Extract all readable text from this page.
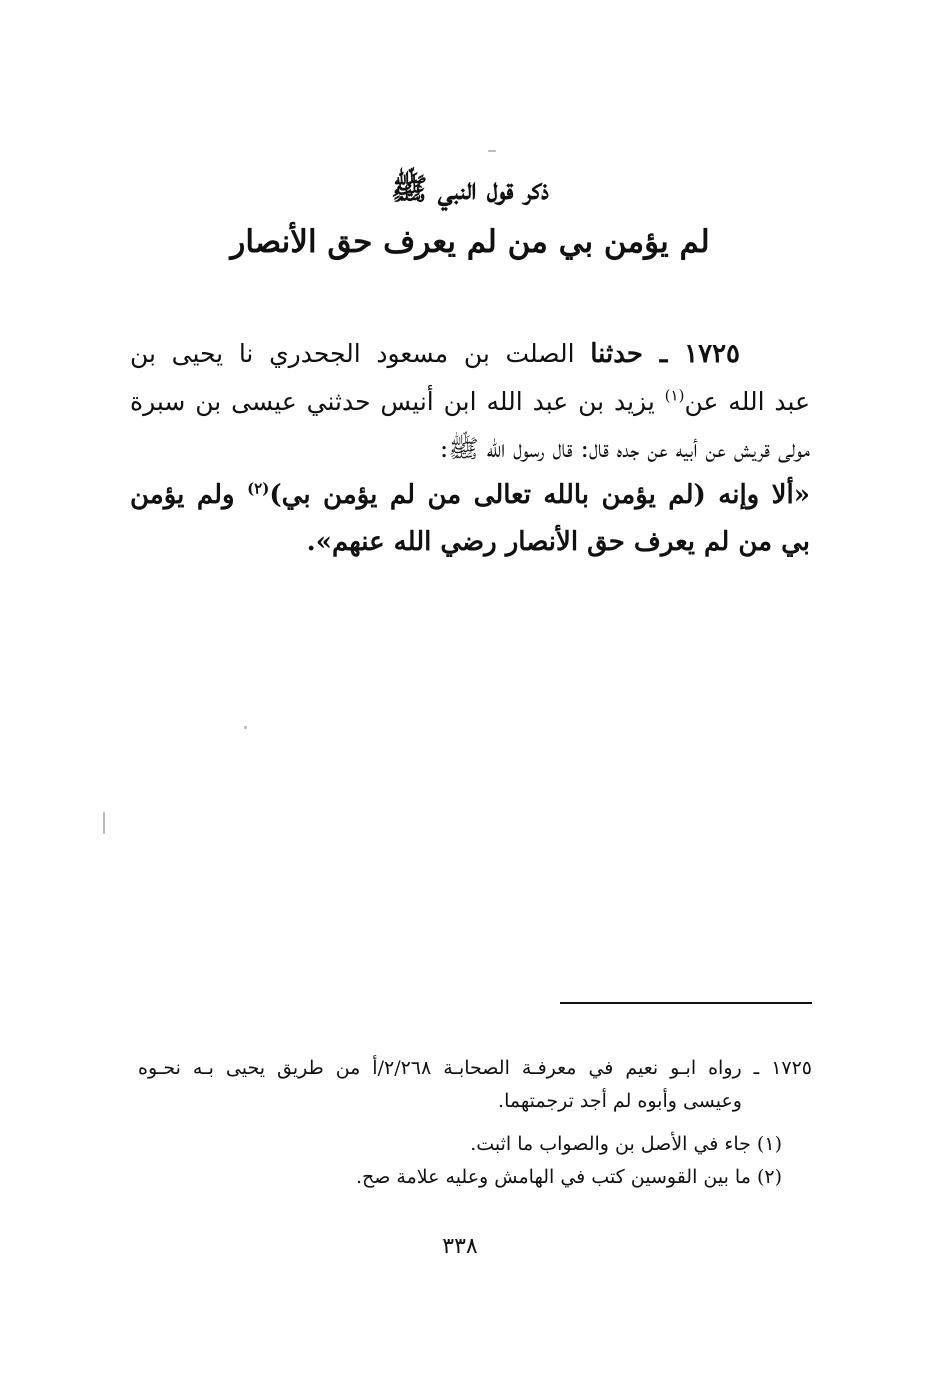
ذكر قول النبي ﷺ
لم يؤمن بي من لم يعرف حق الأنصار
١٧٢٥ ـ حدثنا الصلت بن مسعود الجحدري نا يحيى بن
عبد الله عن$^{(١)}$ يزيد بن عبد الله ابن أنيس حدثني عيسى بن سبرة
مولى قريش عن أبيه عن جده قال: قال رسول الله ﷺ:
«ألا وإنه (لم يؤمن بالله تعالى من لم يؤمن بي)$^{(٢)}$ ولم يؤمن
بي من لم يعرف حق الأنصار رضي الله عنهم».
١٧٢٥ ـ رواه ابـو نعيم في معرفـة الصحابـة ٢/٢٦٨/أ من طريق يحيى بـه نحـوه
وعيسى وأبوه لم أجد ترجمتهما.
(١) جاء في الأصل بن والصواب ما اثبت.
(٢) ما بين القوسين كتب في الهامش وعليه علامة صح.
٣٣٨
